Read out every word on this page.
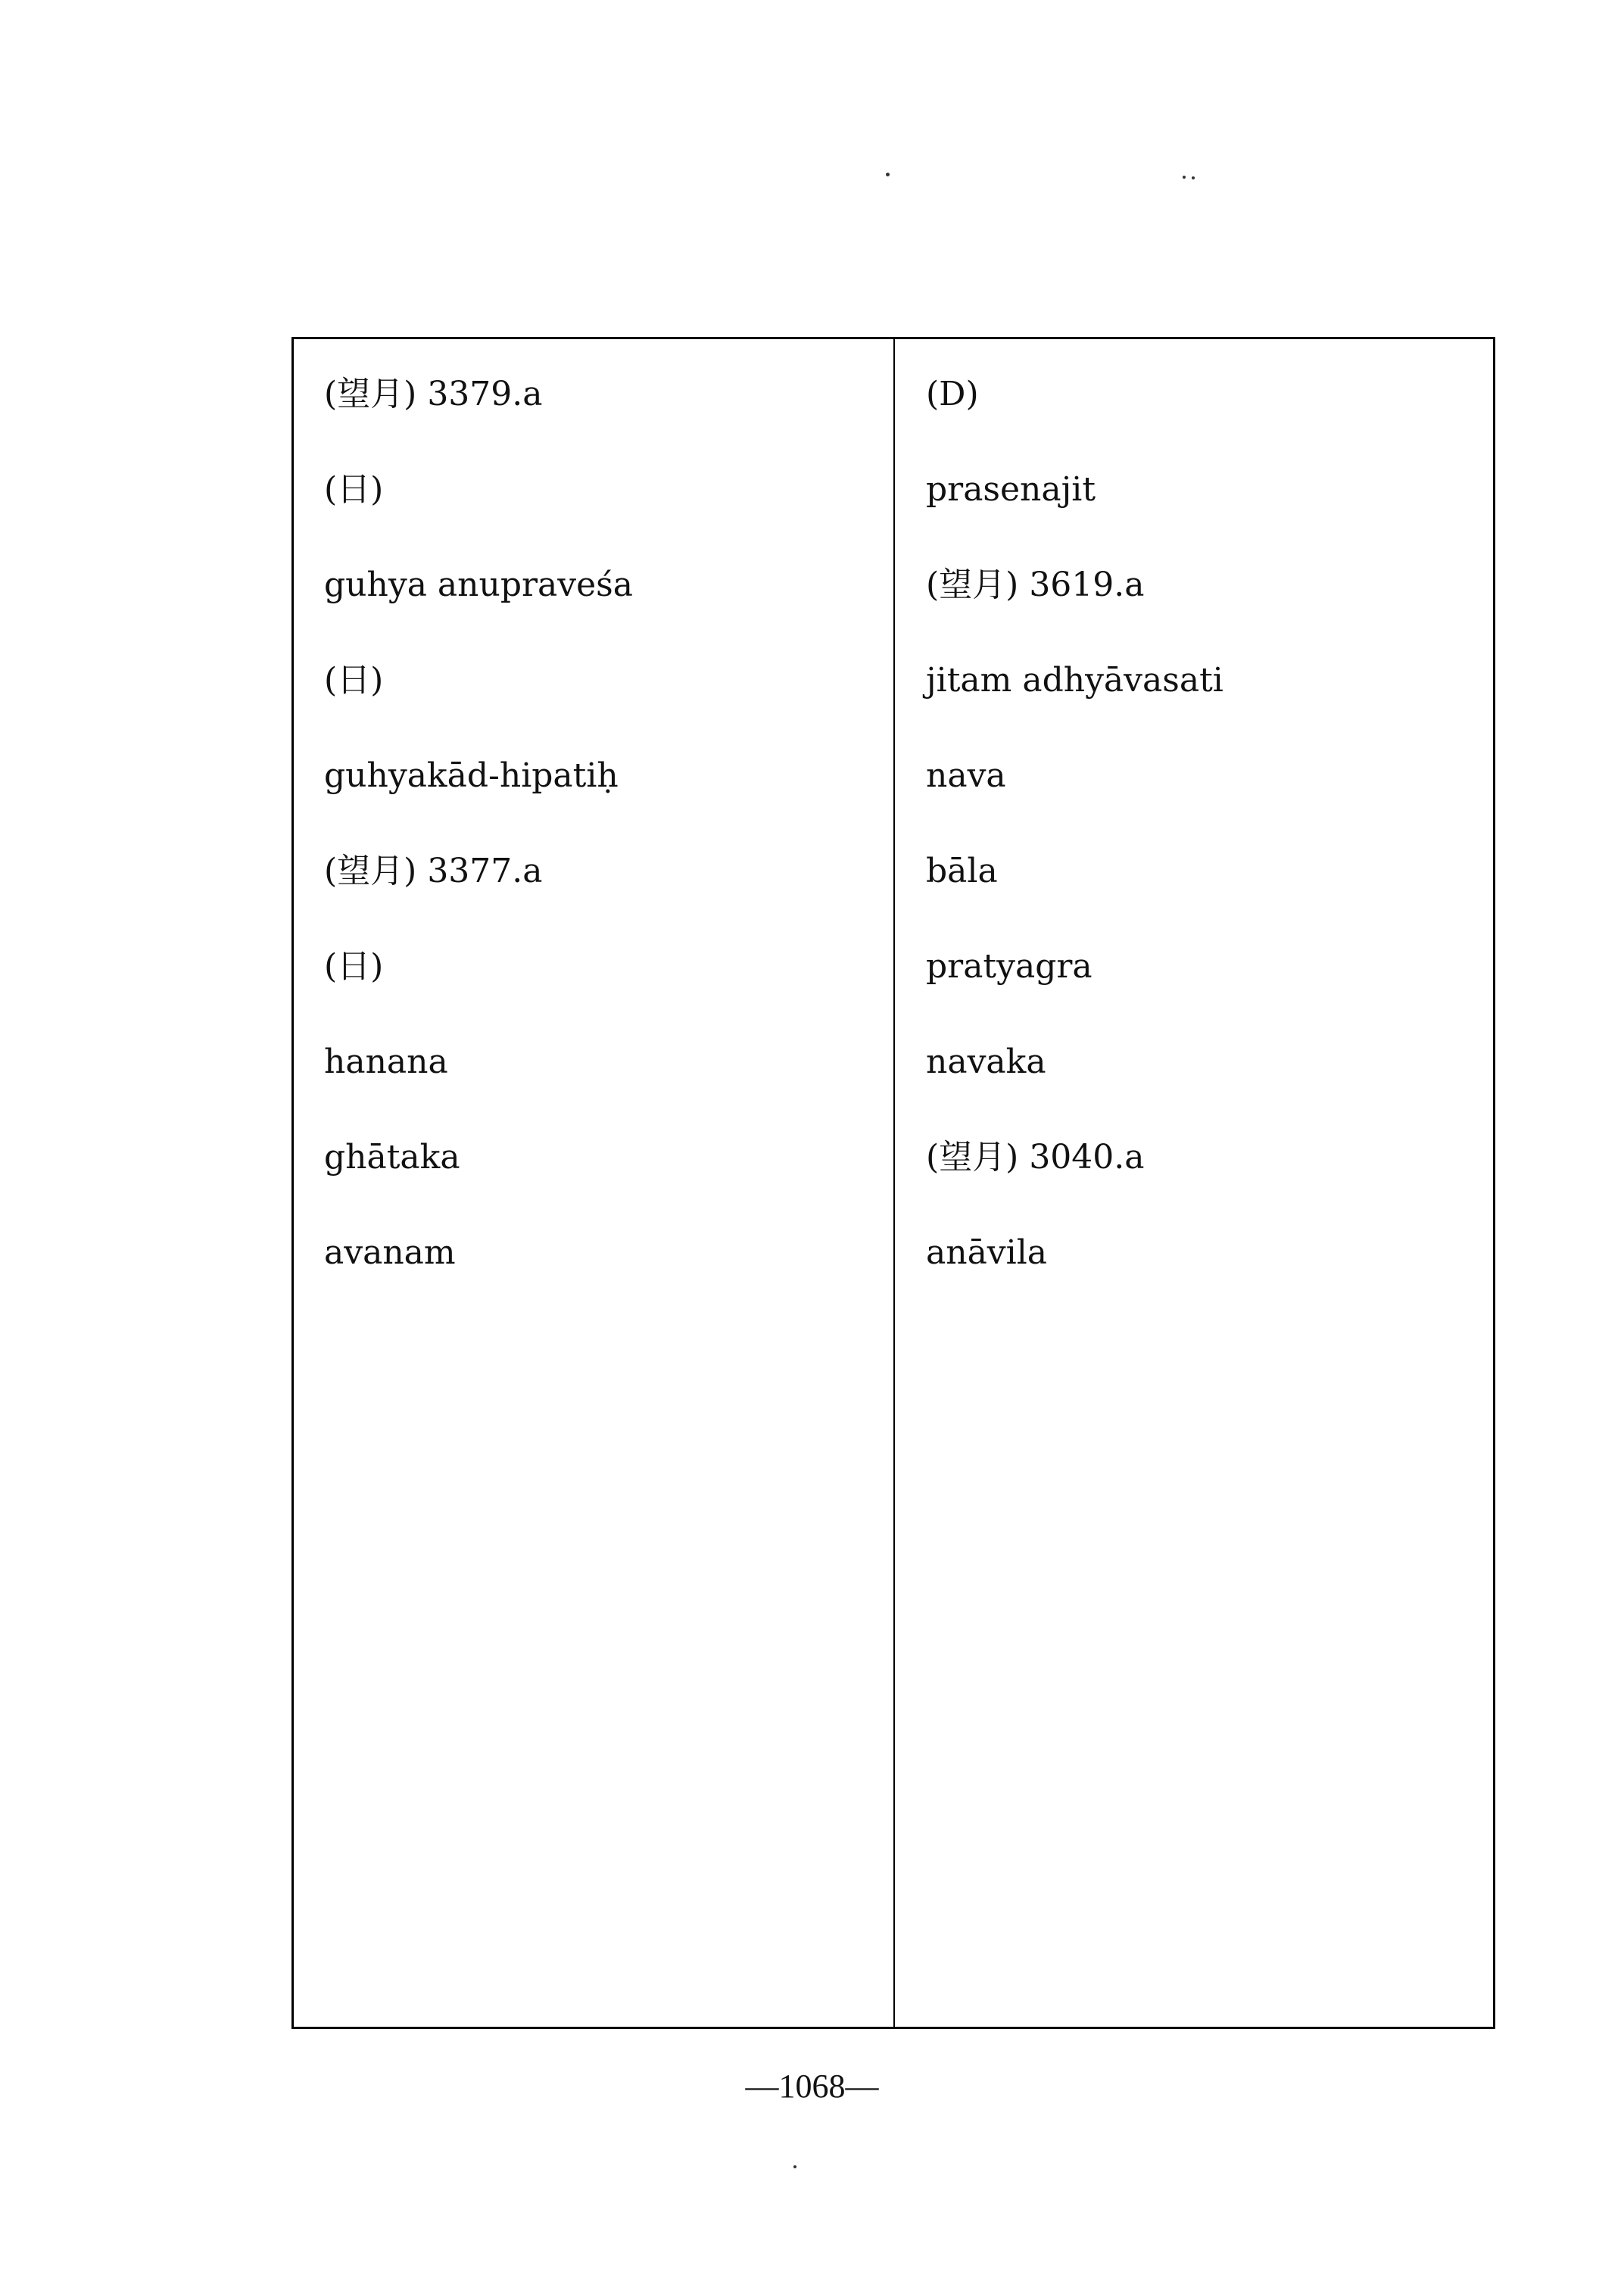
(望月) 3379.a
(日)
guhya anupraveśa
(日)
guhyakād-hipatiḥ
(望月) 3377.a
(日)
hanana
ghātaka
avanam
(D)
prasenajit
(望月) 3619.a
jitam adhyāvasati
nava
bāla
pratyagra
navaka
(望月) 3040.a
anāvila
—1068—
